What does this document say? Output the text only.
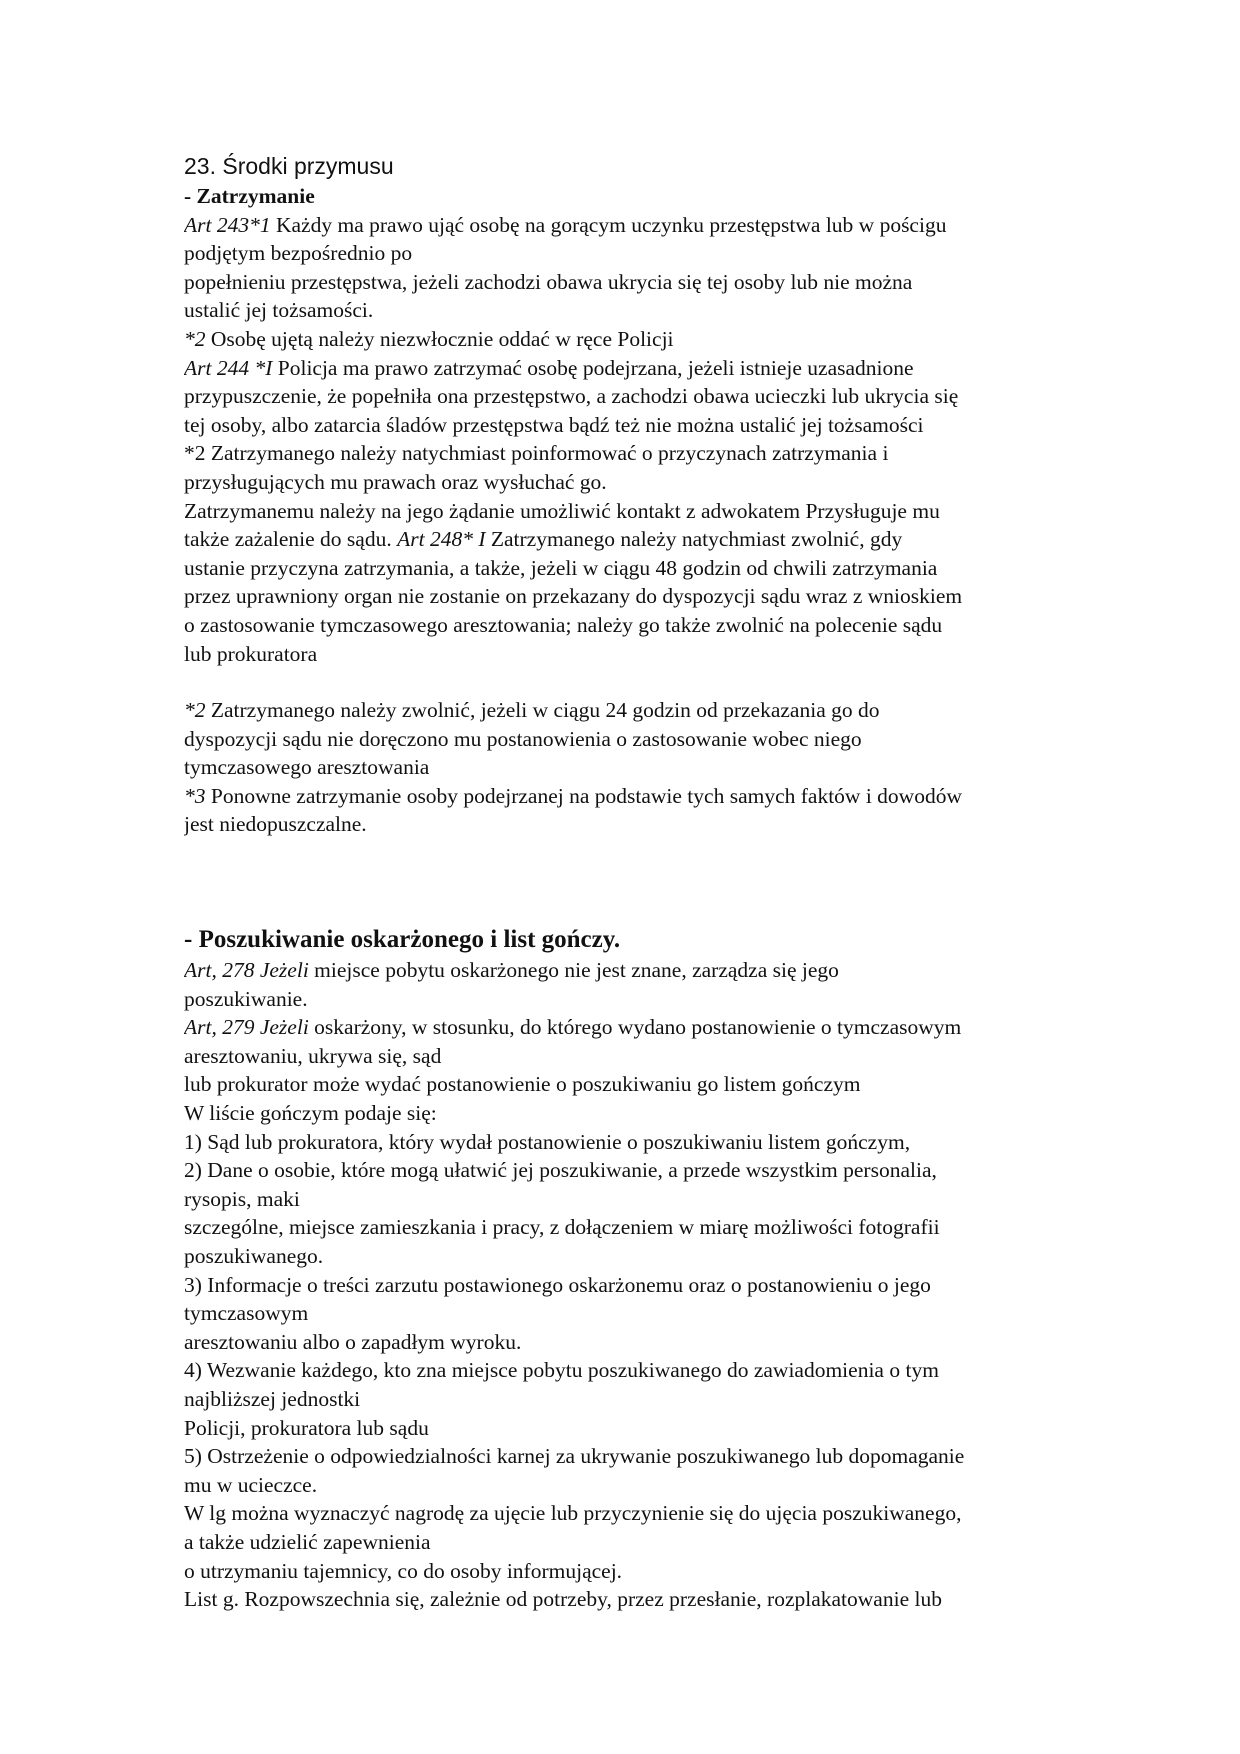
23. Środki przymusu
- Zatrzymanie
Art 243*1 Każdy ma prawo ująć osobę na gorącym uczynku przestępstwa lub w pościgu
podjętym bezpośrednio po
popełnieniu przestępstwa, jeżeli zachodzi obawa ukrycia się tej osoby lub nie można
ustalić jej tożsamości.
*2 Osobę ujętą należy niezwłocznie oddać w ręce Policji
Art 244 *I Policja ma prawo zatrzymać osobę podejrzana, jeżeli istnieje uzasadnione
przypuszczenie, że popełniła ona przestępstwo, a zachodzi obawa ucieczki lub ukrycia się
tej osoby, albo zatarcia śladów przestępstwa bądź też nie można ustalić jej tożsamości
*2 Zatrzymanego należy natychmiast poinformować o przyczynach zatrzymania i
przysługujących mu prawach oraz wysłuchać go.
Zatrzymanemu należy na jego żądanie umożliwić kontakt z adwokatem Przysługuje mu
także zażalenie do sądu. Art 248* I Zatrzymanego należy natychmiast zwolnić, gdy
ustanie przyczyna zatrzymania, a także, jeżeli w ciągu 48 godzin od chwili zatrzymania
przez uprawniony organ nie zostanie on przekazany do dyspozycji sądu wraz z wnioskiem
o zastosowanie tymczasowego aresztowania; należy go także zwolnić na polecenie sądu
lub prokuratora
*2 Zatrzymanego należy zwolnić, jeżeli w ciągu 24 godzin od przekazania go do
dyspozycji sądu nie doręczono mu postanowienia o zastosowanie wobec niego
tymczasowego aresztowania
*3 Ponowne zatrzymanie osoby podejrzanej na podstawie tych samych faktów i dowodów
jest niedopuszczalne.
- Poszukiwanie oskarżonego i list gończy.
Art, 278 Jeżeli miejsce pobytu oskarżonego nie jest znane, zarządza się jego
poszukiwanie.
Art, 279 Jeżeli oskarżony, w stosunku, do którego wydano postanowienie o tymczasowym
aresztowaniu, ukrywa się, sąd
lub prokurator może wydać postanowienie o poszukiwaniu go listem gończym
W liście gończym podaje się:
1) Sąd lub prokuratora, który wydał postanowienie o poszukiwaniu listem gończym,
2) Dane o osobie, które mogą ułatwić jej poszukiwanie, a przede wszystkim personalia,
rysopis, maki
szczególne, miejsce zamieszkania i pracy, z dołączeniem w miarę możliwości fotografii
poszukiwanego.
3) Informacje o treści zarzutu postawionego oskarżonemu oraz o postanowieniu o jego
tymczasowym
aresztowaniu albo o zapadłym wyroku.
4) Wezwanie każdego, kto zna miejsce pobytu poszukiwanego do zawiadomienia o tym
najbliższej jednostki
Policji, prokuratora lub sądu
5) Ostrzeżenie o odpowiedzialności karnej za ukrywanie poszukiwanego lub dopomaganie
mu w ucieczce.
W lg można wyznaczyć nagrodę za ujęcie lub przyczynienie się do ujęcia poszukiwanego,
a także udzielić zapewnienia
o utrzymaniu tajemnicy, co do osoby informującej.
List g. Rozpowszechnia się, zależnie od potrzeby, przez przesłanie, rozplakatowanie lub
